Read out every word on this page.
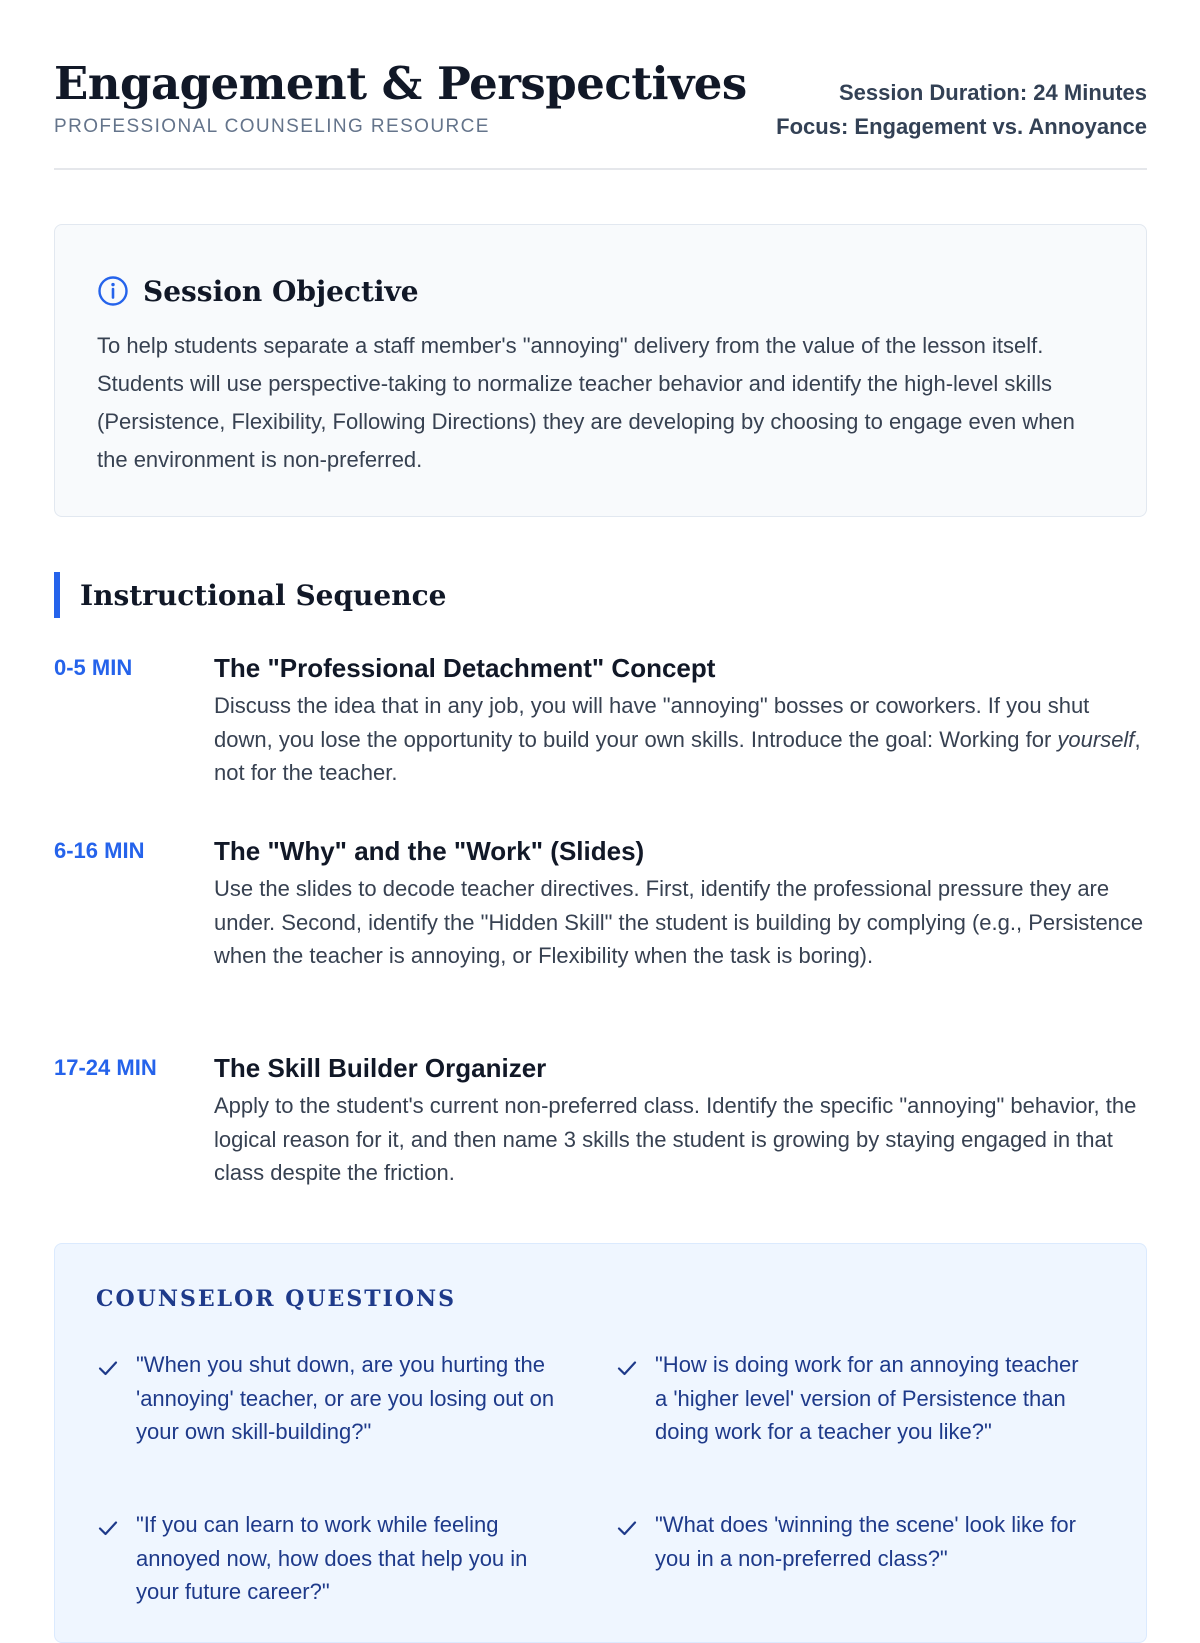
Engagement & Perspectives
PROFESSIONAL COUNSELING RESOURCE
Session Duration: 24 Minutes
Focus: Engagement vs. Annoyance
Session Objective

To help students separate a staff member's "annoying" delivery from the value of the lesson itself. Students will use perspective-taking to normalize teacher behavior and identify the high-level skills (Persistence, Flexibility, Following Directions) they are developing by choosing to engage even when the environment is non-preferred.

Instructional Sequence
0-5 MIN	The "Professional Detachment" Concept
Discuss the idea that in any job, you will have "annoying" bosses or coworkers. If you shut down, you lose the opportunity to build your own skills. Introduce the goal: Working for yourself, not for the teacher.
6-16 MIN	The "Why" and the "Work" (Slides)
Use the slides to decode teacher directives. First, identify the professional pressure they are under. Second, identify the "Hidden Skill" the student is building by complying (e.g., Persistence when the teacher is annoying, or Flexibility when the task is boring).
17-24 MIN The Skill Builder Organizer
Apply to the student's current non-preferred class. Identify the specific "annoying" behavior, the logical reason for it, and then name 3 skills the student is growing by staying engaged in that class despite the friction.
COUNSELOR QUESTIONS
"When you shut down, are you hurting the 'annoying' teacher, or are you losing out on your own skill-building?"
"How is doing work for an annoying teacher a 'higher level' version of Persistence than doing work for a teacher you like?"
"If you can learn to work while feeling annoyed now, how does that help you in your future career?"
"What does 'winning the scene' look like for you in a non-preferred class?"
